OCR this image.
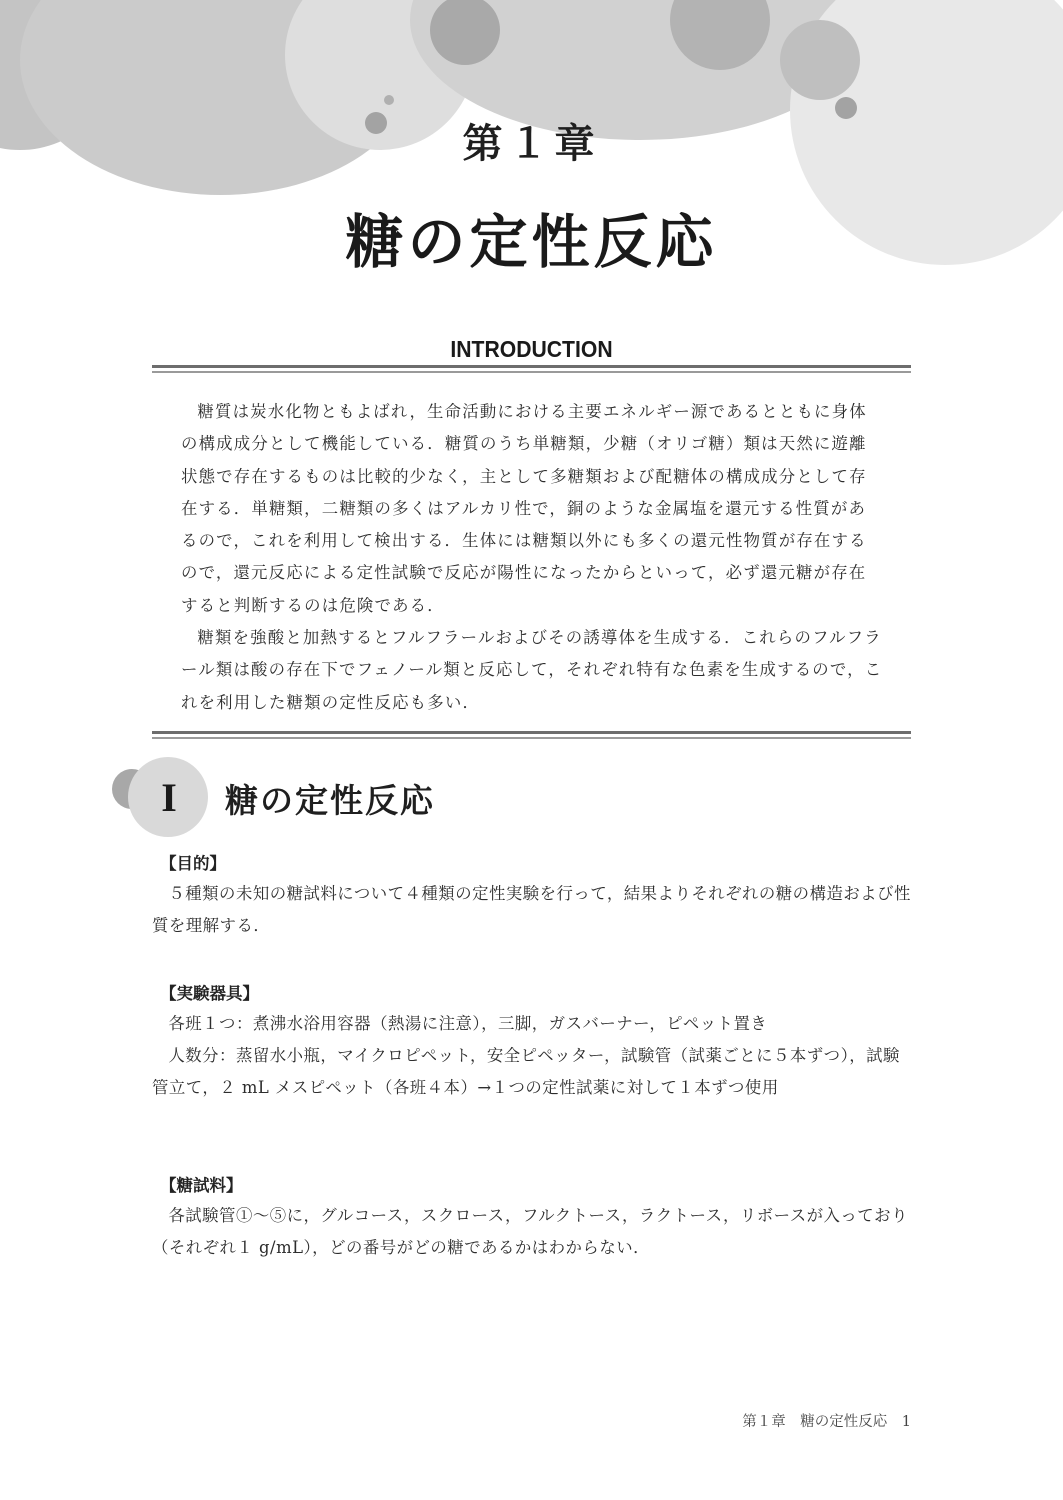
第１章
糖の定性反応
INTRODUCTION

糖質は炭水化物ともよばれ，生命活動における主要エネルギー源であるとともに身体の構成成分として機能している．糖質のうち単糖類，少糖（オリゴ糖）類は天然に遊離状態で存在するものは比較的少なく，主として多糖類および配糖体の構成成分として存在する．単糖類，二糖類の多くはアルカリ性で，銅のような金属塩を還元する性質があるので，これを利用して検出する．生体には糖類以外にも多くの還元性物質が存在するので，還元反応による定性試験で反応が陽性になったからといって，必ず還元糖が存在すると判断するのは危険である．

糖類を強酸と加熱するとフルフラールおよびその誘導体を生成する．これらのフルフラール類は酸の存在下でフェノール類と反応して，それぞれ特有な色素を生成するので，これを利用した糖類の定性反応も多い．

I 糖の定性反応
【目的】

５種類の未知の糖試料について４種類の定性実験を行って，結果よりそれぞれの糖の構造および性質を理解する．

【実験器具】

各班１つ：煮沸水浴用容器（熱湯に注意），三脚，ガスバーナー，ピペット置き

人数分：蒸留水小瓶，マイクロピペット，安全ピペッター，試験管（試薬ごとに５本ずつ），試験管立て，２ mL メスピペット（各班４本）→１つの定性試薬に対して１本ずつ使用

【糖試料】

各試験管①～⑤に，グルコース，スクロース，フルクトース，ラクトース，リボースが入っており（それぞれ１ g/mL），どの番号がどの糖であるかはわからない．

第１章　糖の定性反応　1
